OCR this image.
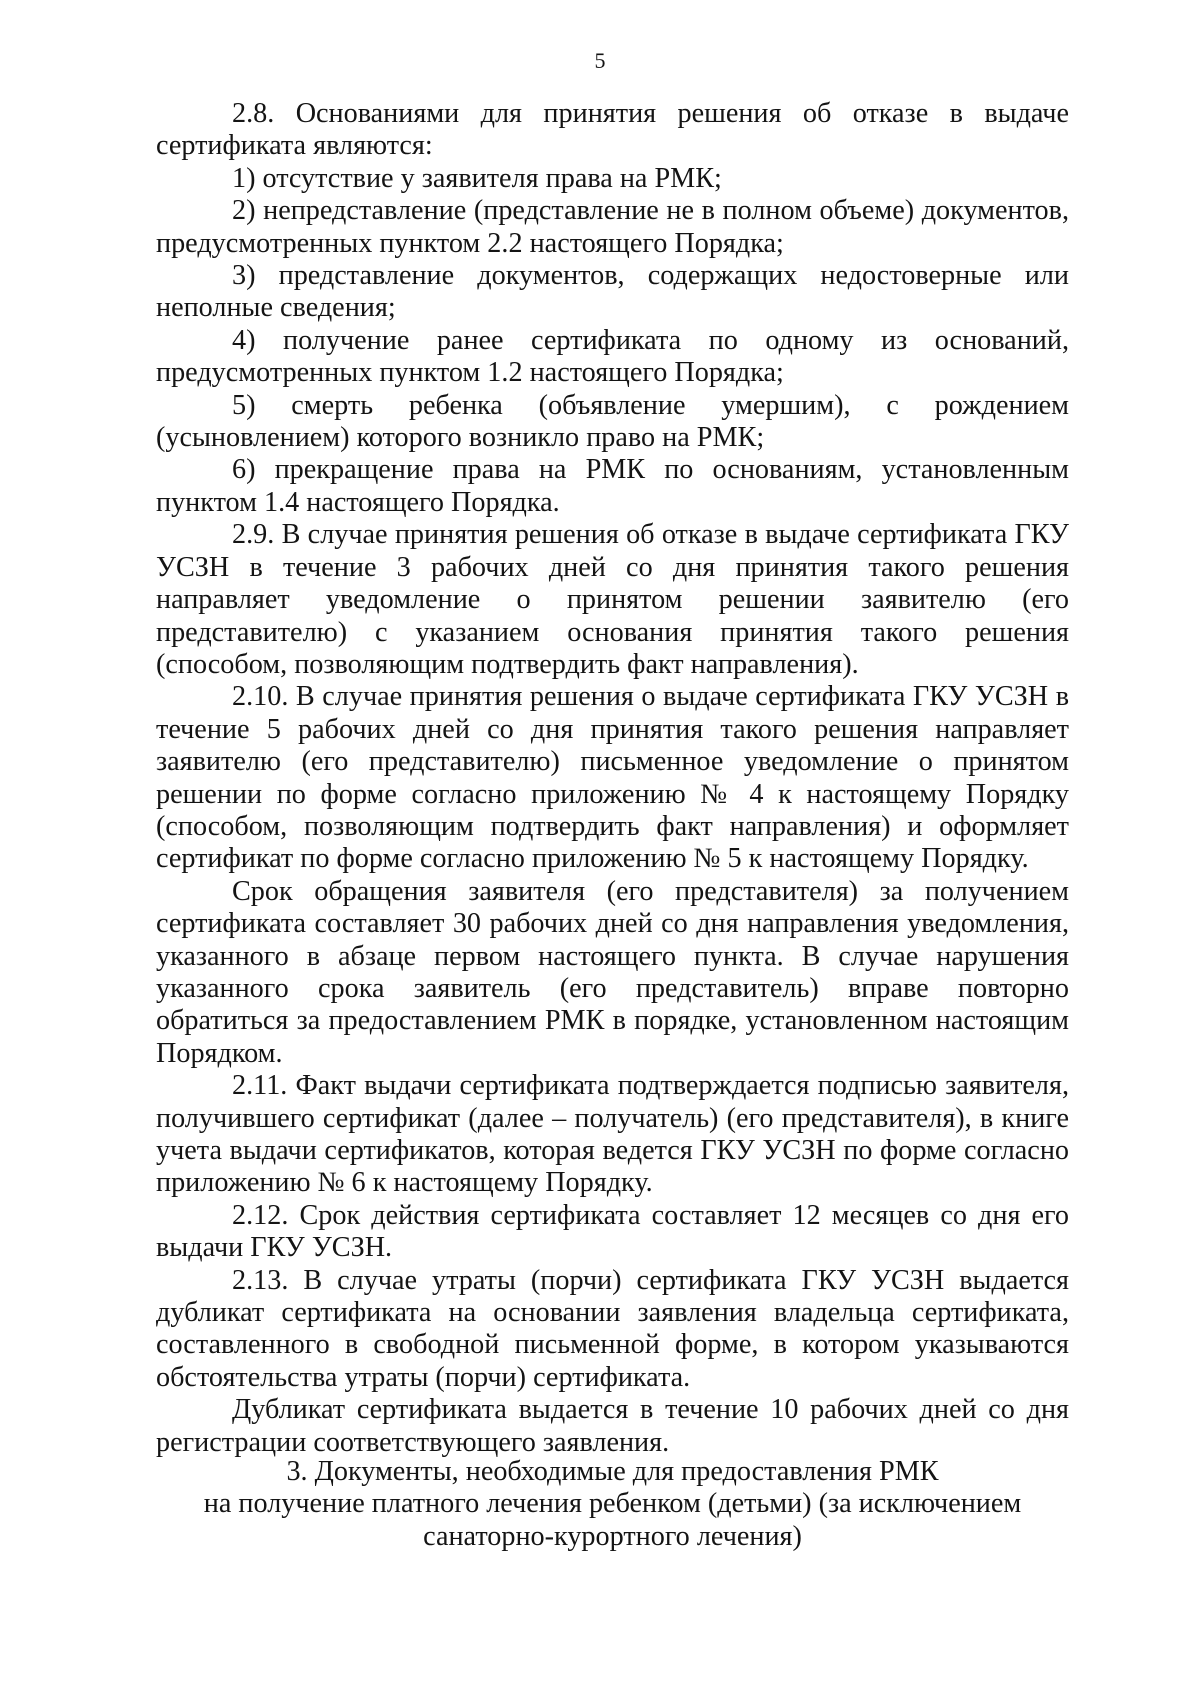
5

2.8. Основаниями для принятия решения об отказе в выдаче сертификата являются:

1) отсутствие у заявителя права на РМК;

2) непредставление (представление не в полном объеме) документов, предусмотренных пунктом 2.2 настоящего Порядка;

3) представление документов, содержащих недостоверные или неполные сведения;

4) получение ранее сертификата по одному из оснований, предусмотренных пунктом 1.2 настоящего Порядка;

5) смерть ребенка (объявление умершим), с рождением (усыновлением) которого возникло право на РМК;

6) прекращение права на РМК по основаниям, установленным пунктом 1.4 настоящего Порядка.

2.9. В случае принятия решения об отказе в выдаче сертификата ГКУ УСЗН в течение 3 рабочих дней со дня принятия такого решения направляет уведомление о принятом решении заявителю (его представителю) с указанием основания принятия такого решения (способом, позволяющим подтвердить факт направления).

2.10. В случае принятия решения о выдаче сертификата ГКУ УСЗН в течение 5 рабочих дней со дня принятия такого решения направляет заявителю (его представителю) письменное уведомление о принятом решении по форме согласно приложению № 4 к настоящему Порядку (способом, позволяющим подтвердить факт направления) и оформляет сертификат по форме согласно приложению № 5 к настоящему Порядку.

Срок обращения заявителя (его представителя) за получением сертификата составляет 30 рабочих дней со дня направления уведомления, указанного в абзаце первом настоящего пункта. В случае нарушения указанного срока заявитель (его представитель) вправе повторно обратиться за предоставлением РМК в порядке, установленном настоящим Порядком.

2.11. Факт выдачи сертификата подтверждается подписью заявителя, получившего сертификат (далее – получатель) (его представителя), в книге учета выдачи сертификатов, которая ведется ГКУ УСЗН по форме согласно приложению № 6 к настоящему Порядку.

2.12. Срок действия сертификата составляет 12 месяцев со дня его выдачи ГКУ УСЗН.

2.13. В случае утраты (порчи) сертификата ГКУ УСЗН выдается дубликат сертификата на основании заявления владельца сертификата, составленного в свободной письменной форме, в котором указываются обстоятельства утраты (порчи) сертификата.

Дубликат сертификата выдается в течение 10 рабочих дней со дня регистрации соответствующего заявления.

3. Документы, необходимые для предоставления РМК
на получение платного лечения ребенком (детьми) (за исключением
санаторно-курортного лечения)
